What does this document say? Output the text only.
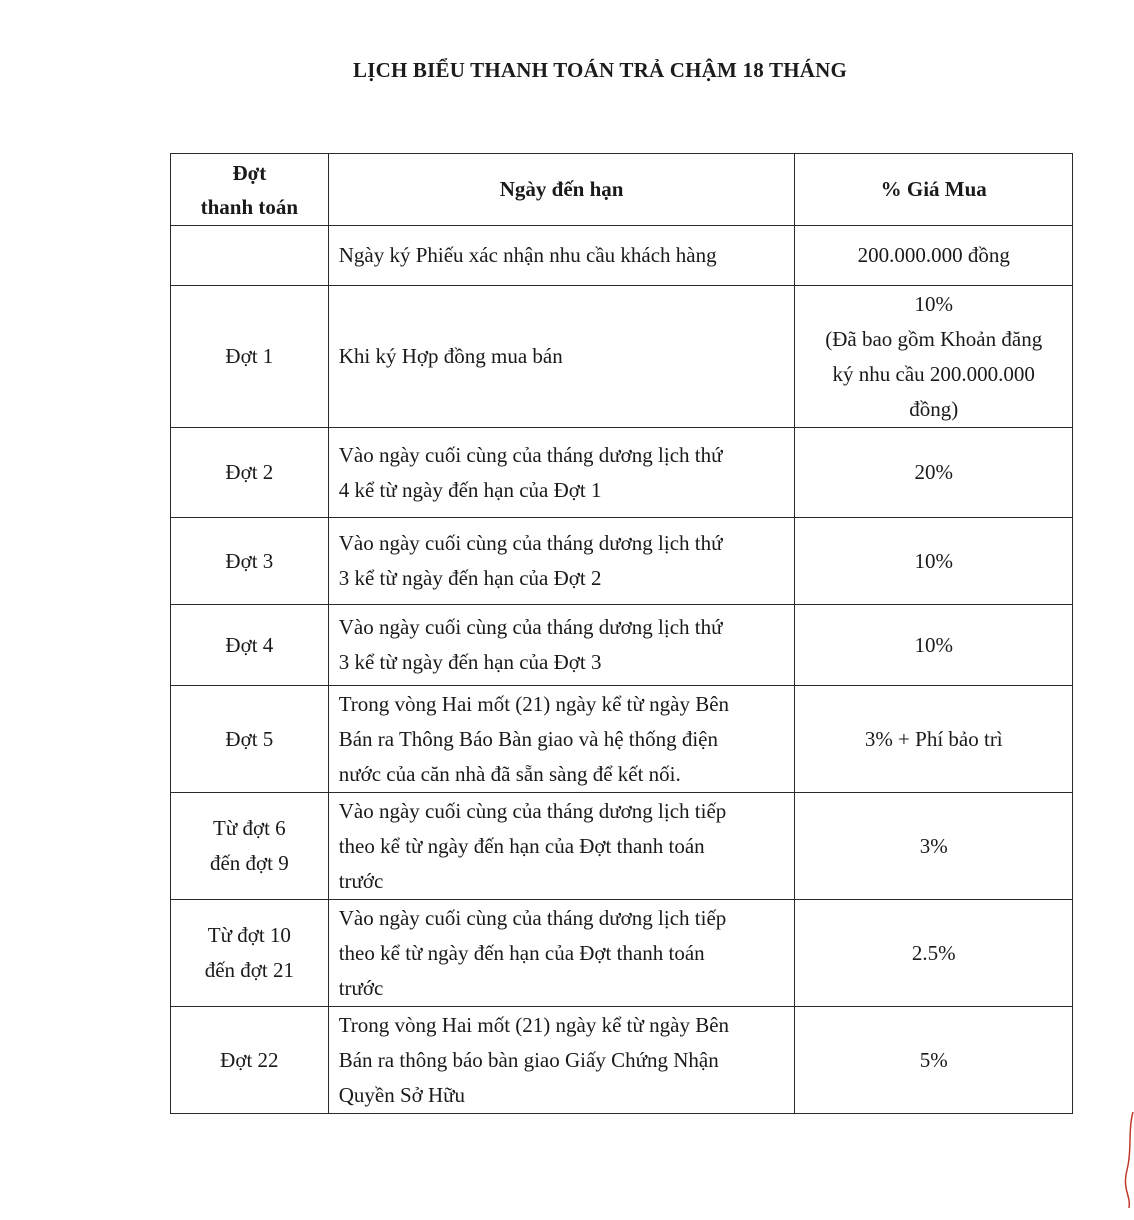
LỊCH BIỂU THANH TOÁN TRẢ CHẬM 18 THÁNG
Đợt
thanh toán	Ngày đến hạn	% Giá Mua
	Ngày ký Phiếu xác nhận nhu cầu khách hàng	200.000.000 đồng
Đợt 1	Khi ký Hợp đồng mua bán	10%
(Đã bao gồm Khoản đăng
ký nhu cầu 200.000.000
đồng)
Đợt 2	Vào ngày cuối cùng của tháng dương lịch thứ
4 kể từ ngày đến hạn của Đợt 1	20%
Đợt 3	Vào ngày cuối cùng của tháng dương lịch thứ
3 kể từ ngày đến hạn của Đợt 2	10%
Đợt 4	Vào ngày cuối cùng của tháng dương lịch thứ
3 kể từ ngày đến hạn của Đợt 3	10%
Đợt 5	Trong vòng Hai mốt (21) ngày kể từ ngày Bên
Bán ra Thông Báo Bàn giao và hệ thống điện
nước của căn nhà đã sẵn sàng để kết nối.	3% + Phí bảo trì
Từ đợt 6
đến đợt 9	Vào ngày cuối cùng của tháng dương lịch tiếp
theo kể từ ngày đến hạn của Đợt thanh toán
trước	3%
Từ đợt 10
đến đợt 21	Vào ngày cuối cùng của tháng dương lịch tiếp
theo kể từ ngày đến hạn của Đợt thanh toán
trước	2.5%
Đợt 22	Trong vòng Hai mốt (21) ngày kể từ ngày Bên
Bán ra thông báo bàn giao Giấy Chứng Nhận
Quyền Sở Hữu	5%
